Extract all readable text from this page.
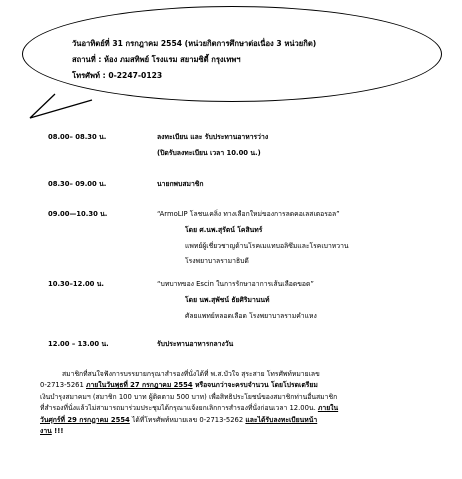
วันอาทิตย์ที่ 31 กรกฎาคม 2554 (หน่วยกิตการศึกษาต่อเนื่อง 3 หน่วยกิต)
สถานที่ : ห้อง ภมสทิพย์ โรงแรม สยามซิตี้ กรุงเทพฯ
โทรศัพท์ : 0-2247-0123
08.00– 08.30 น.	ลงทะเบียน และ รับประทานอาหารว่าง
(ปิดรับลงทะเบียน เวลา 10.00 น.)
08.30– 09.00 น.	นายกพบสมาชิก
09.00—10.30 น.	“ArmoLIP โลชนเคลิ่ง ทางเลือกใหม่ของการลดคอเลสเตอรอล”
โดย ศ.นพ.สุรัตน์ โคสินทร์
แพทย์ผู้เชี่ยวชาญด้านโรคเมแทบอลิซึมและโรคเบาหวาน
โรงพยาบาลรามาธิบดี
10.30–12.00 น.	“บทบาทของ Escin ในการรักษาอาการเส้นเลือดขอด”
โดย นพ.สุพัชน์ ธัยศิริมานนท์
ศัลยแพทย์หลอดเลือด โรงพยาบาลรามคำแหง
12.00 – 13.00 น.	รับประทานอาหารกลางวัน

สมาชิกที่สนใจฟังการบรรยายกรุณาสำรองที่นั่งได้ที่ พ.ส.บัวใจ สุระสาย โทรศัพท์หมายเลข

0-2713-5261 ภายในวันพุธที่ 27 กรกฎาคม 2554 หรือจนกว่าจะครบจำนวน โดยโปรดเตรียม

เงินบำรุงสมาคมฯ (สมาชิก 100 บาท ผู้ติดตาม 500 บาท) เพื่อสิทธิประโยชน์ของสมาชิกท่านอื่นสมาชิก

ที่สำรองที่นั่งแล้วไม่สามารถมาร่วมประชุมได้กรุณาแจ้งยกเลิกการสำรองที่นั่งก่อนเวลา 12.00น. ภายใน

วันศุกร์ที่ 29 กรกฎาคม 2554 ได้ที่โทรศัพท์หมายเลข 0-2713-5262 และได้รับลงทะเบียนหน้า

งาน !!!
